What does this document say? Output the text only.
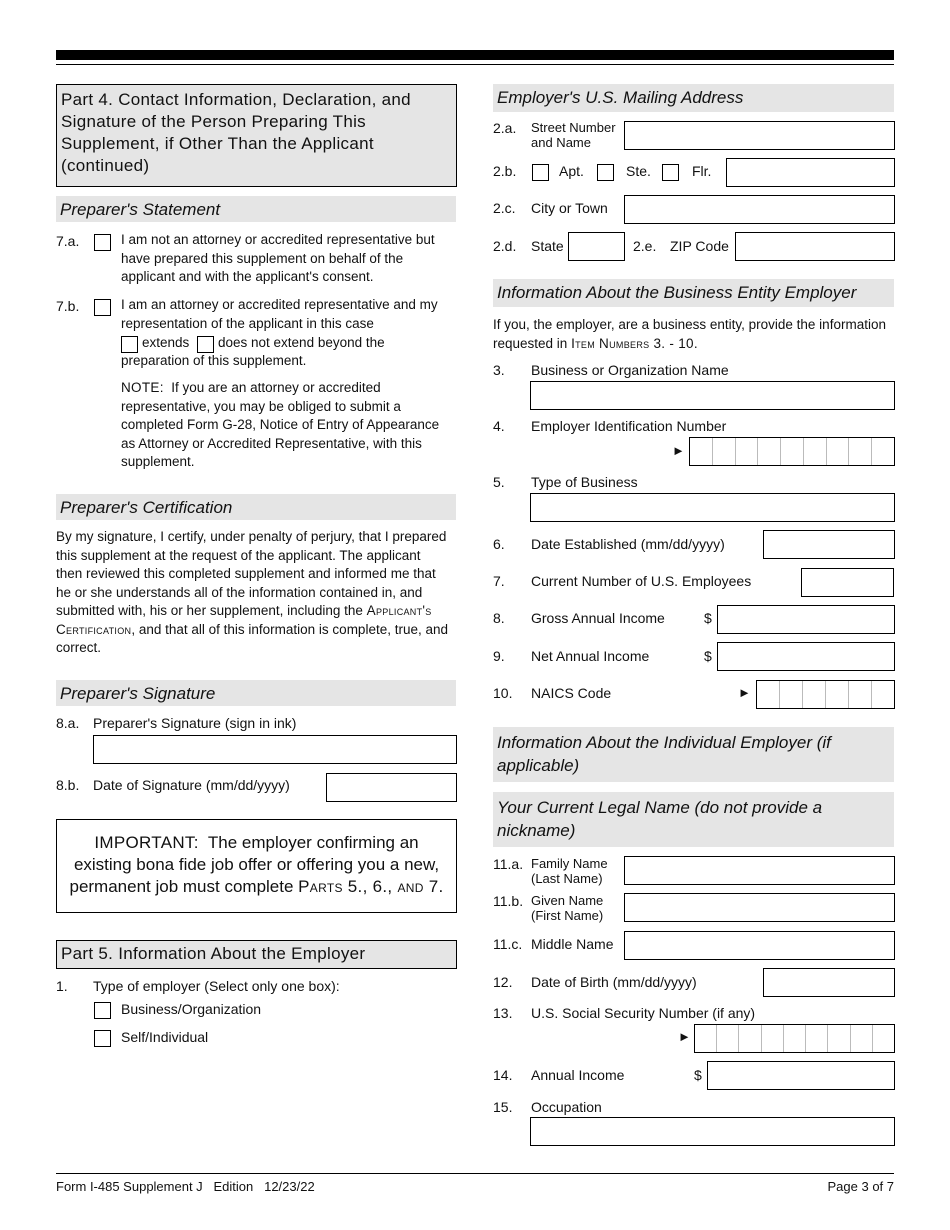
Part 4. Contact Information, Declaration, and Signature of the Person Preparing This Supplement, if Other Than the Applicant (continued)
Preparer's Statement
7.a.	I am not an attorney or accredited representative but have prepared this supplement on behalf of the applicant and with the applicant's consent.
7.b.	I am an attorney or accredited representative and my representation of the applicant in this case
extends does not extend beyond the
preparation of this supplement.
NOTE: If you are an attorney or accredited representative, you may be obliged to submit a completed Form G-28, Notice of Entry of Appearance as Attorney or Accredited Representative, with this supplement.
Preparer's Certification
By my signature, I certify, under penalty of perjury, that I prepared this supplement at the request of the applicant. The applicant then reviewed this completed supplement and informed me that he or she understands all of the information contained in, and submitted with, his or her supplement, including the Applicant's Certification, and that all of this information is complete, true, and correct.
Preparer's Signature
8.a. Preparer's Signature (sign in ink)
8.b. Date of Signature (mm/dd/yyyy)
IMPORTANT: The employer confirming an existing bona fide job offer or offering you a new, permanent job must complete Parts 5., 6., and 7.
Part 5. Information About the Employer
1. Type of employer (Select only one box):
Business/Organization
Self/Individual
Employer's U.S. Mailing Address
2.a. Street Number
and Name
2.b.	Apt.	Ste.	Flr.
2.c. City or Town
2.d. State	2.e. ZIP Code
Information About the Business Entity Employer
If you, the employer, are a business entity, provide the information requested in Item Numbers 3. - 10.
3. Business or Organization Name
4. Employer Identification Number
►
5. Type of Business
6. Date Established (mm/dd/yyyy)
7. Current Number of U.S. Employees
8. Gross Annual Income	$
9. Net Annual Income	$
10. NAICS Code	►
Information About the Individual Employer (if applicable)
Your Current Legal Name (do not provide a nickname)
11.a. Family Name
(Last Name)
11.b. Given Name
(First Name)
11.c. Middle Name
12. Date of Birth (mm/dd/yyyy)
13. U.S. Social Security Number (if any)
►
14. Annual Income	$
15. Occupation
Form I-485 Supplement J   Edition   12/23/22	Page 3 of 7
